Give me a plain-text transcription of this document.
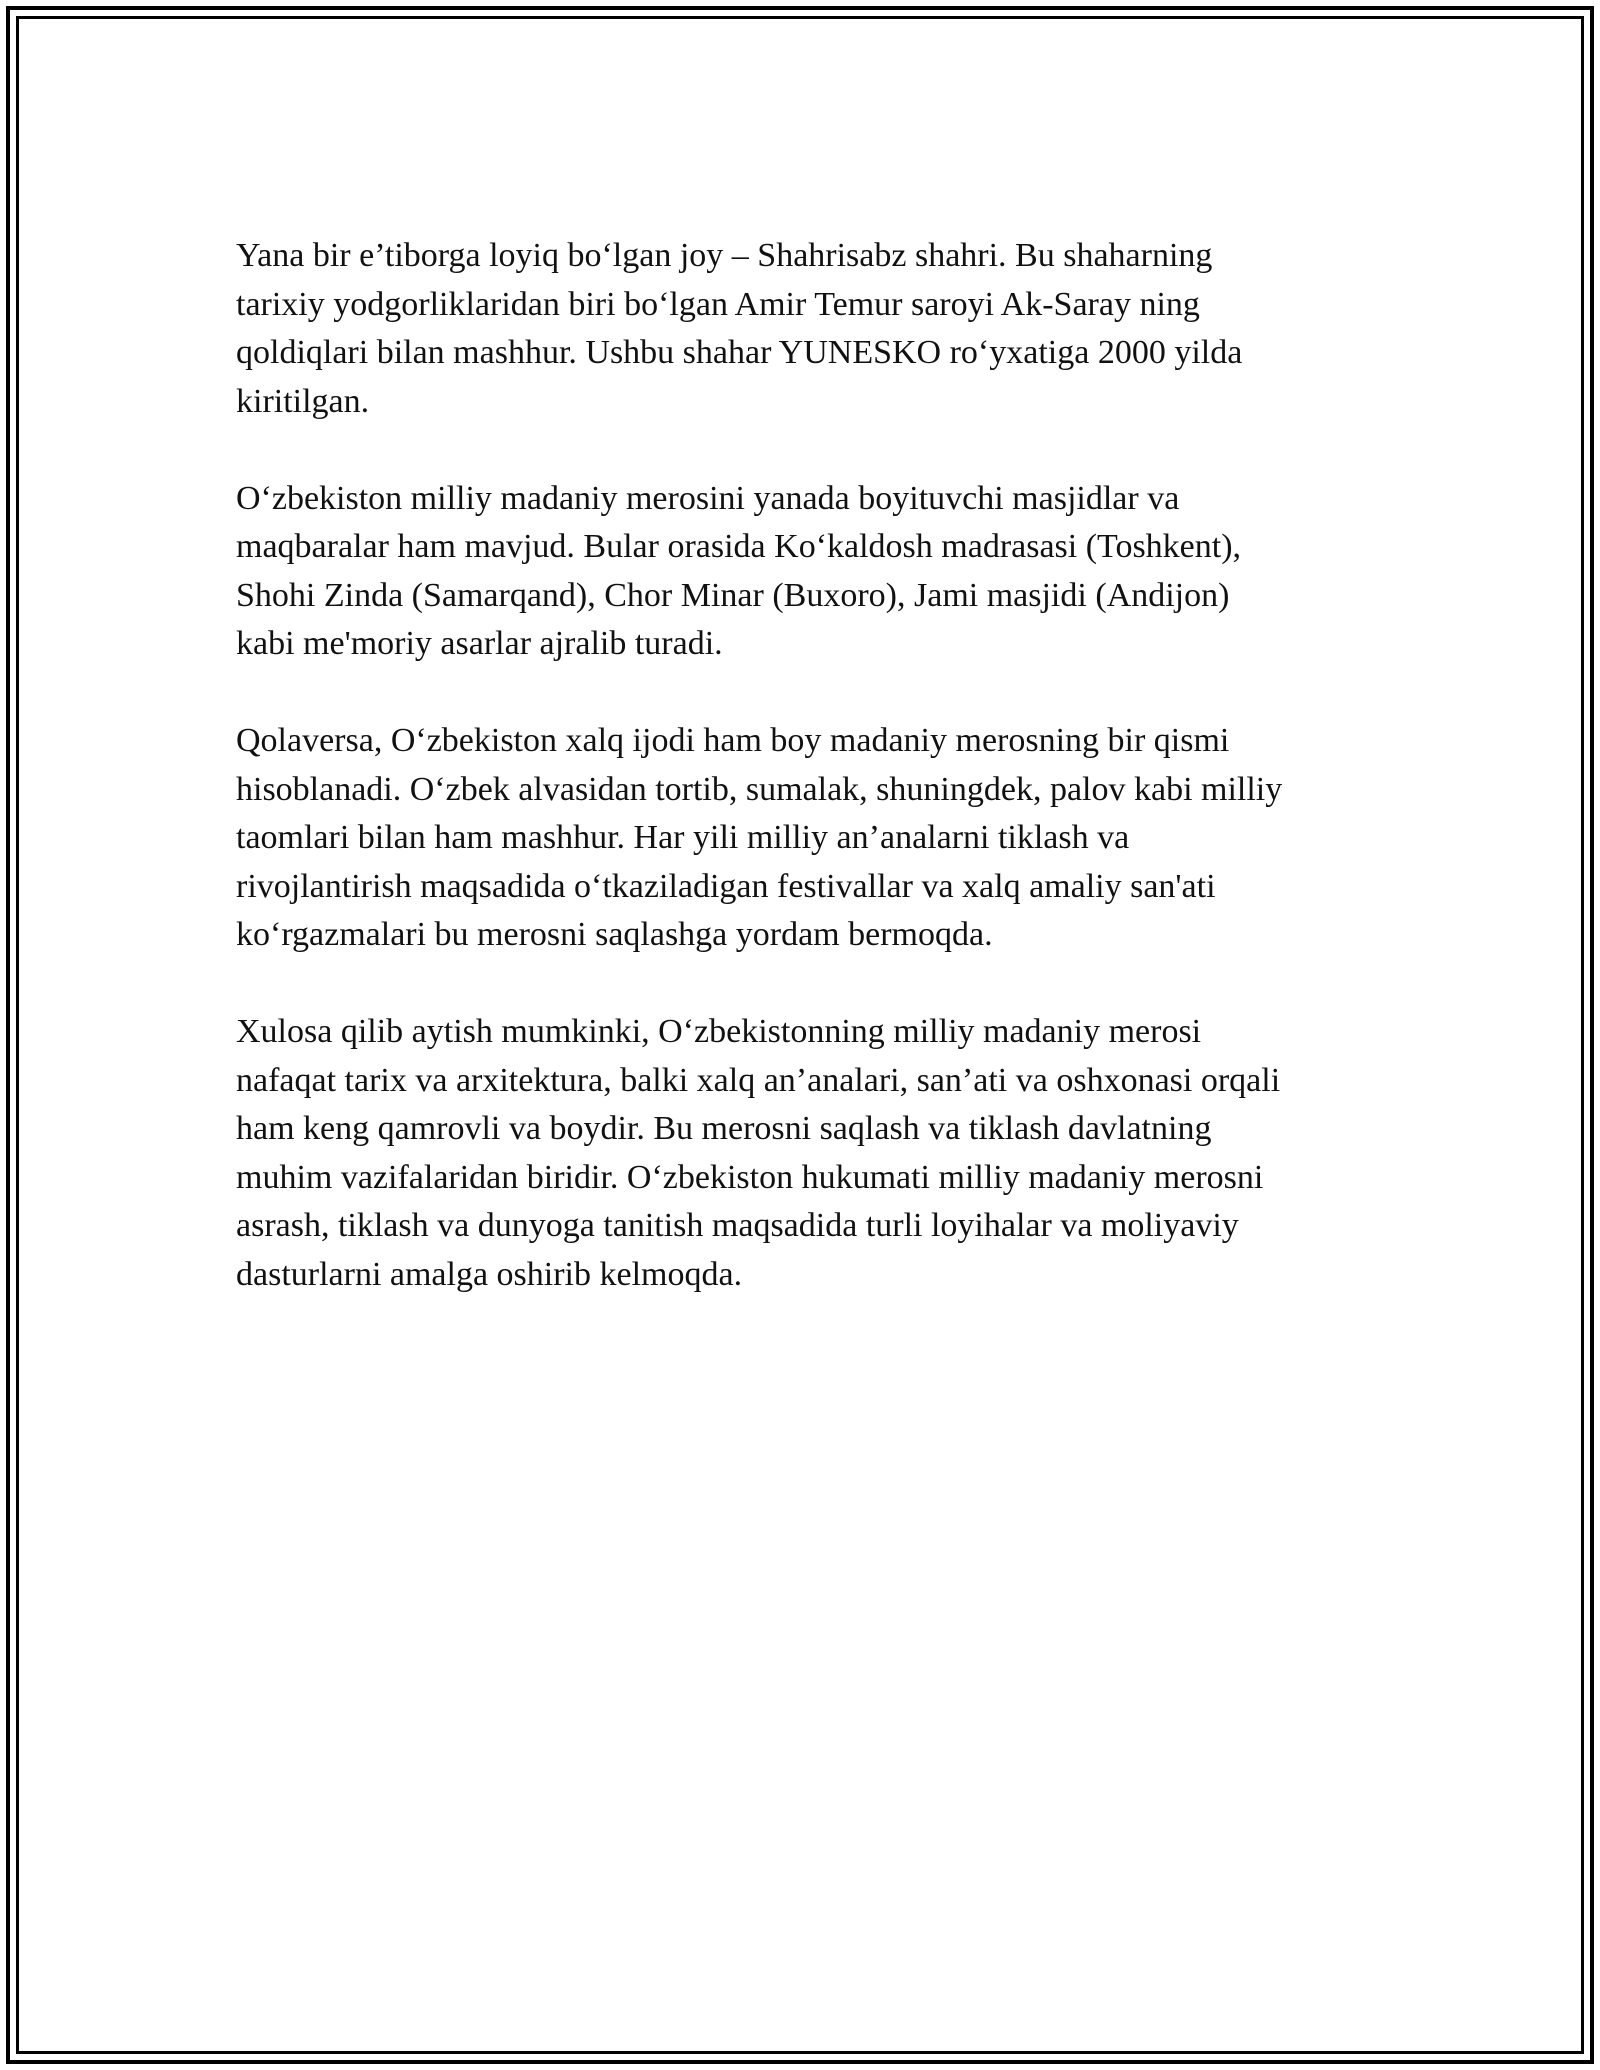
Yana bir e’tiborga loyiq bo‘lgan joy – Shahrisabz shahri. Bu shaharning
tarixiy yodgorliklaridan biri bo‘lgan Amir Temur saroyi Ak-Saray ning
qoldiqlari bilan mashhur. Ushbu shahar YUNESKO ro‘yxatiga 2000 yilda
kiritilgan.

O‘zbekiston milliy madaniy merosini yanada boyituvchi masjidlar va
maqbaralar ham mavjud. Bular orasida Ko‘kaldosh madrasasi (Toshkent),
Shohi Zinda (Samarqand), Chor Minar (Buxoro), Jami masjidi (Andijon)
kabi me'moriy asarlar ajralib turadi.

Qolaversa, O‘zbekiston xalq ijodi ham boy madaniy merosning bir qismi
hisoblanadi. O‘zbek alvasidan tortib, sumalak, shuningdek, palov kabi milliy
taomlari bilan ham mashhur. Har yili milliy an’analarni tiklash va
rivojlantirish maqsadida o‘tkaziladigan festivallar va xalq amaliy san'ati
ko‘rgazmalari bu merosni saqlashga yordam bermoqda.

Xulosa qilib aytish mumkinki, O‘zbekistonning milliy madaniy merosi
nafaqat tarix va arxitektura, balki xalq an’analari, san’ati va oshxonasi orqali
ham keng qamrovli va boydir. Bu merosni saqlash va tiklash davlatning
muhim vazifalaridan biridir. O‘zbekiston hukumati milliy madaniy merosni
asrash, tiklash va dunyoga tanitish maqsadida turli loyihalar va moliyaviy
dasturlarni amalga oshirib kelmoqda.
